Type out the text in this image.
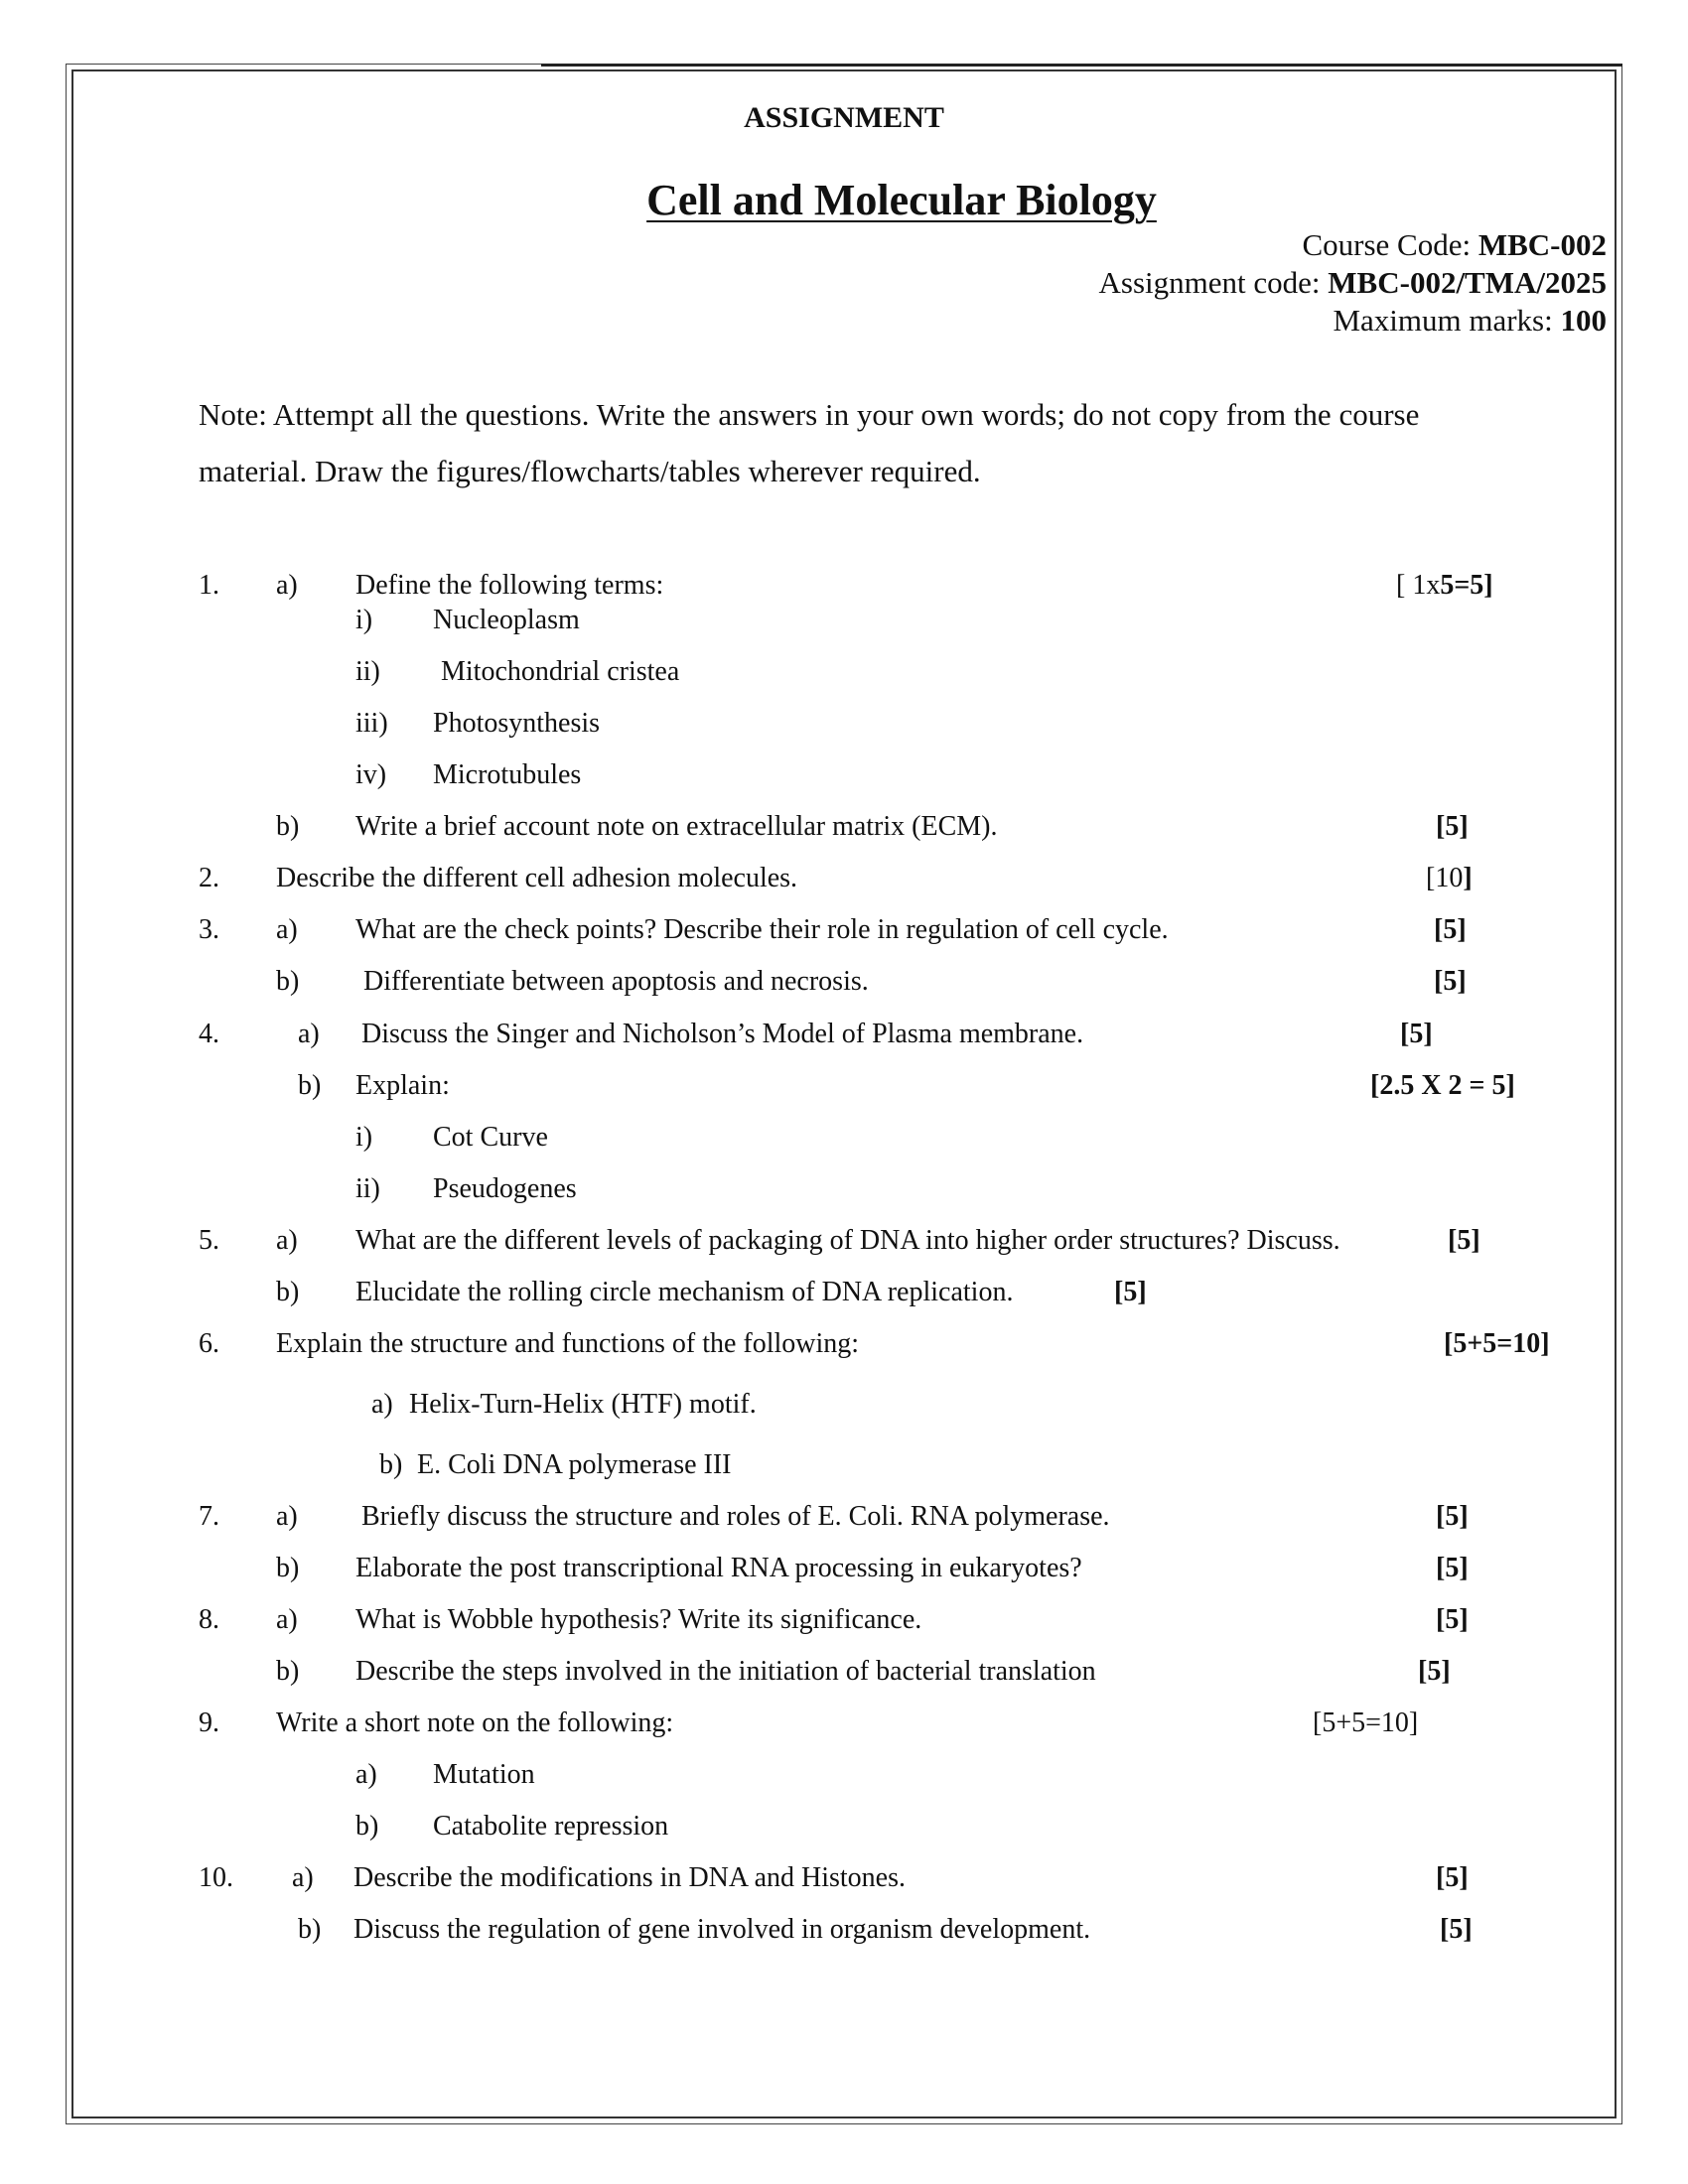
ASSIGNMENT
Cell and Molecular Biology
Course Code: MBC-002
Assignment code: MBC-002/TMA/2025
Maximum marks: 100
Note: Attempt all the questions. Write the answers in your own words; do not copy from the course
material. Draw the figures/flowcharts/tables wherever required.
1. a) Define the following terms:	[ 1x5=5]
i) Nucleoplasm
ii) Mitochondrial cristea
iii) Photosynthesis
iv) Microtubules
b) Write a brief account note on extracellular matrix (ECM).	[5]
2. Describe the different cell adhesion molecules.	[10]
3. a) What are the check points? Describe their role in regulation of cell cycle.	[5]
b) Differentiate between apoptosis and necrosis.	[5]
4.	a) Discuss the Singer and Nicholson’s Model of Plasma membrane.	[5]
b) Explain:	[2.5 X 2 = 5]
i) Cot Curve
ii) Pseudogenes
5. a) What are the different levels of packaging of DNA into higher order structures? Discuss.	[5]
b) Elucidate the rolling circle mechanism of DNA replication.	[5]
6. Explain the structure and functions of the following:	[5+5=10]
a) Helix-Turn-Helix (HTF) motif.
b) E. Coli DNA polymerase III
7. a) Briefly discuss the structure and roles of E. Coli. RNA polymerase.	[5]
b) Elaborate the post transcriptional RNA processing in eukaryotes?	[5]
8. a) What is Wobble hypothesis? Write its significance.	[5]
b) Describe the steps involved in the initiation of bacterial translation	[5]
9. Write a short note on the following:	[5+5=10]
a) Mutation
b) Catabolite repression
10. a) Describe the modifications in DNA and Histones.	[5]
b) Discuss the regulation of gene involved in organism development.	[5]
